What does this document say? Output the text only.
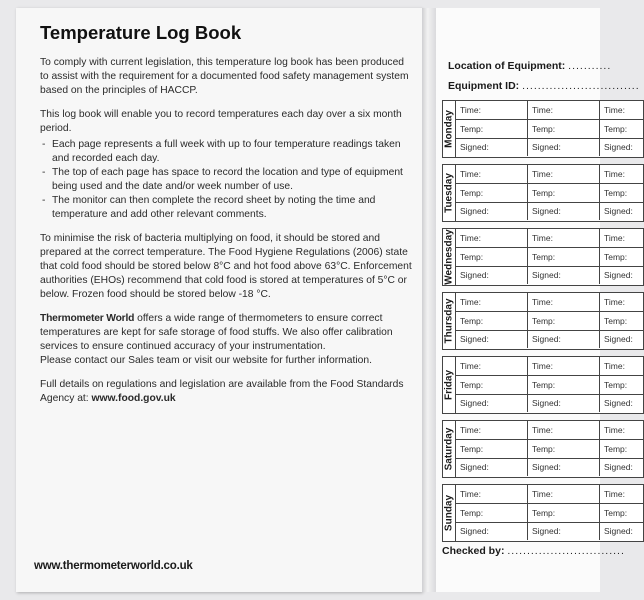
Temperature Log Book

To comply with current legislation, this temperature log book has been produced to assist with the requirement for a documented food safety management system based on the principles of HACCP.

This log book will enable you to record temperatures each day over a six month period.

- Each page represents a full week with up to four temperature readings taken and recorded each day.
- The top of each page has space to record the location and type of equipment being used and the date and/or week number of use.
- The monitor can then complete the record sheet by noting the time and temperature and add other relevant comments.

To minimise the risk of bacteria multiplying on food, it should be stored and prepared at the correct temperature. The Food Hygiene Regulations (2006) state that cold food should be stored below 8°C and hot food above 63°C. Enforcement authorities (EHOs) recommend that cold food is stored at temperatures of 5°C or below. Frozen food should be stored below -18 °C.

Thermometer World offers a wide range of thermometers to ensure correct temperatures are kept for safe storage of food stuffs. We also offer calibration services to ensure continued accuracy of your instrumentation.

Please contact our Sales team or visit our website for further information.

Full details on regulations and legislation are available from the Food Standards Agency at: www.food.gov.uk

www.thermometerworld.co.uk
Location of Equipment: ...........
Equipment ID: ..............................
Monday
Time:	Time:	Time:
Temp:	Temp:	Temp:
Signed:	Signed:	Signed:
Tuesday Time:	Time:	Time:
Temp:	Temp:	Temp:
Signed:	Signed:	Signed:
Wednesday Time:	Time:	Time:
Temp:	Temp:	Temp:
Signed:	Signed:	Signed:
Thursday Time:	Time:	Time:
Temp:	Temp:	Temp:
Signed:	Signed:	Signed:
Friday
Time:	Time:	Time:
Temp:	Temp:	Temp:
Signed:	Signed:	Signed:
Saturday Time:	Time:	Time:
Temp:	Temp:	Temp:
Signed:	Signed:	Signed:
Sunday
Time:	Time:	Time:
Temp:	Temp:	Temp:
Signed:	Signed:	Signed:
Checked by: ..............................
